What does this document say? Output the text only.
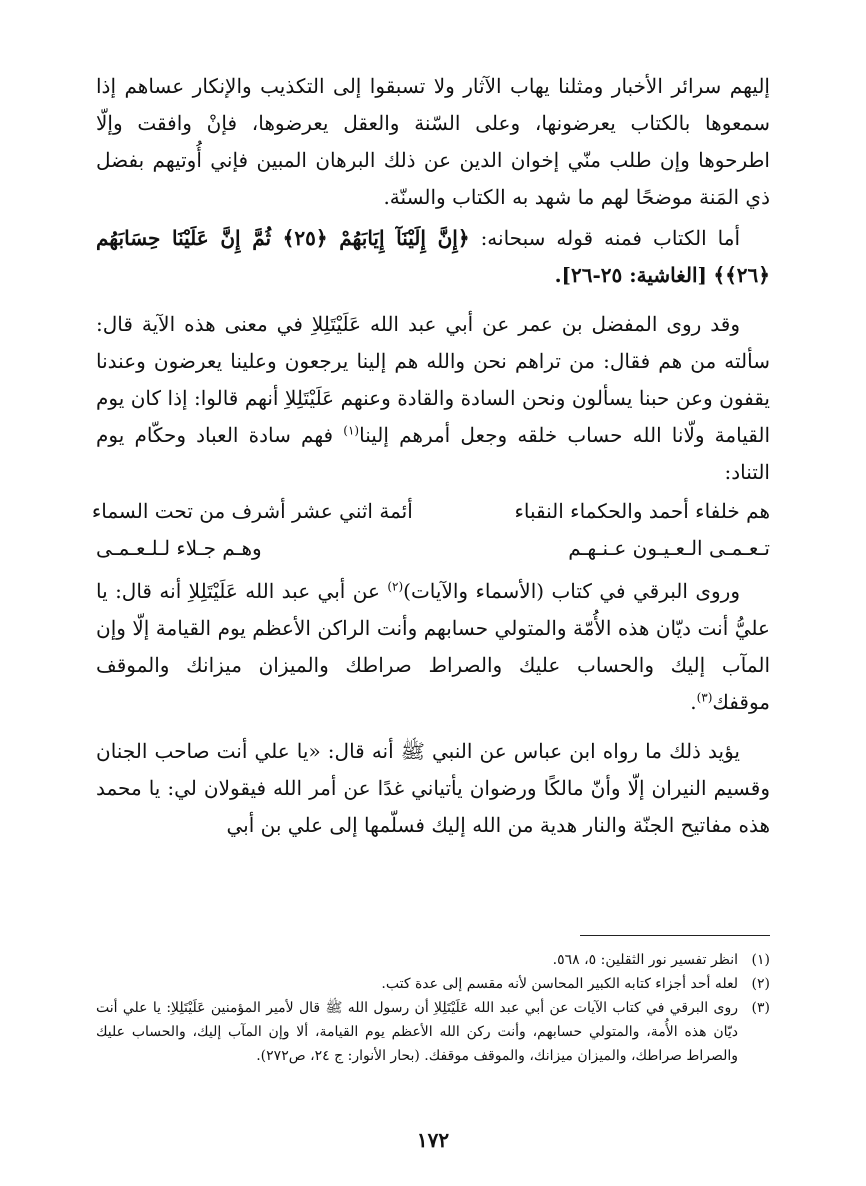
إليهم سرائر الأخبار ومثلنا يهاب الآثار ولا تسبقوا إلى التكذيب والإنكار عساهم إذا سمعوها بالكتاب يعرضونها، وعلى السّنة والعقل يعرضوها، فإنْ وافقت وإلّا اطرحوها وإن طلب منّي إخوان الدين عن ذلك البرهان المبين فإني أُوتيهم بفضل ذي المَنة موضحًا لهم ما شهد به الكتاب والسنّة.

أما الكتاب فمنه قوله سبحانه: ﴿إِنَّ إِلَيْنَآ إِيَابَهُمْ ﴿٢٥﴾ ثُمَّ إِنَّ عَلَيْنَا حِسَابَهُم ﴿٢٦﴾﴾ [الغاشية: ٢٥-٢٦].

وقد روى المفضل بن عمر عن أبي عبد الله عَلَيْتَلِلاِ في معنى هذه الآية قال: سألته من هم فقال: من تراهم نحن والله هم إلينا يرجعون وعلينا يعرضون وعندنا يقفون وعن حبنا يسألون ونحن السادة والقادة وعنهم عَلَيْتَلِلاِ أنهم قالوا: إذا كان يوم القيامة ولّانا الله حساب خلقه وجعل أمرهم إلينا$^{(١)}$ فهم سادة العباد وحكّام يوم التناد:

هم خلفاء أحمد والحكماء النقباء
أئمة اثني عشر أشرف من تحت السماء
تـعـمـى الـعـيـون عـنـهـم
وهـم جـلاء لـلـعـمـى

وروى البرقي في كتاب (الأسماء والآيات)$^{(٢)}$ عن أبي عبد الله عَلَيْتَلِلاِ أنه قال: يا عليُّ أنت ديّان هذه الأُمّة والمتولي حسابهم وأنت الراكن الأعظم يوم القيامة إلّا وإن المآب إليك والحساب عليك والصراط صراطك والميزان ميزانك والموقف موقفك$^{(٣)}$.

يؤيد ذلك ما رواه ابن عباس عن النبي ﷺ أنه قال: «يا علي أنت صاحب الجنان وقسيم النيران إلّا وأنّ مالكًا ورضوان يأتياني غدًا عن أمر الله فيقولان لي: يا محمد هذه مفاتيح الجنّة والنار هدية من الله إليك فسلّمها إلى علي بن أبي

(١)
انظر تفسير نور الثقلين: ٥، ٥٦٨.
(٢)
لعله أحد أجزاء كتابه الكبير المحاسن لأنه مقسم إلى عدة كتب.
(٣)
روى البرقي في كتاب الآيات عن أبي عبد الله عَلَيْتَلِلاِ أن رسول الله ﷺ قال لأمير المؤمنين عَلَيْتَلِلاِ: يا علي أنت ديّان هذه الأُمة، والمتولي حسابهم، وأنت ركن الله الأعظم يوم القيامة، ألا وإن المآب إليك، والحساب عليك والصراط صراطك، والميزان ميزانك، والموقف موقفك. (بحار الأنوار: ج ٢٤، ص٢٧٢).
١٧٢
